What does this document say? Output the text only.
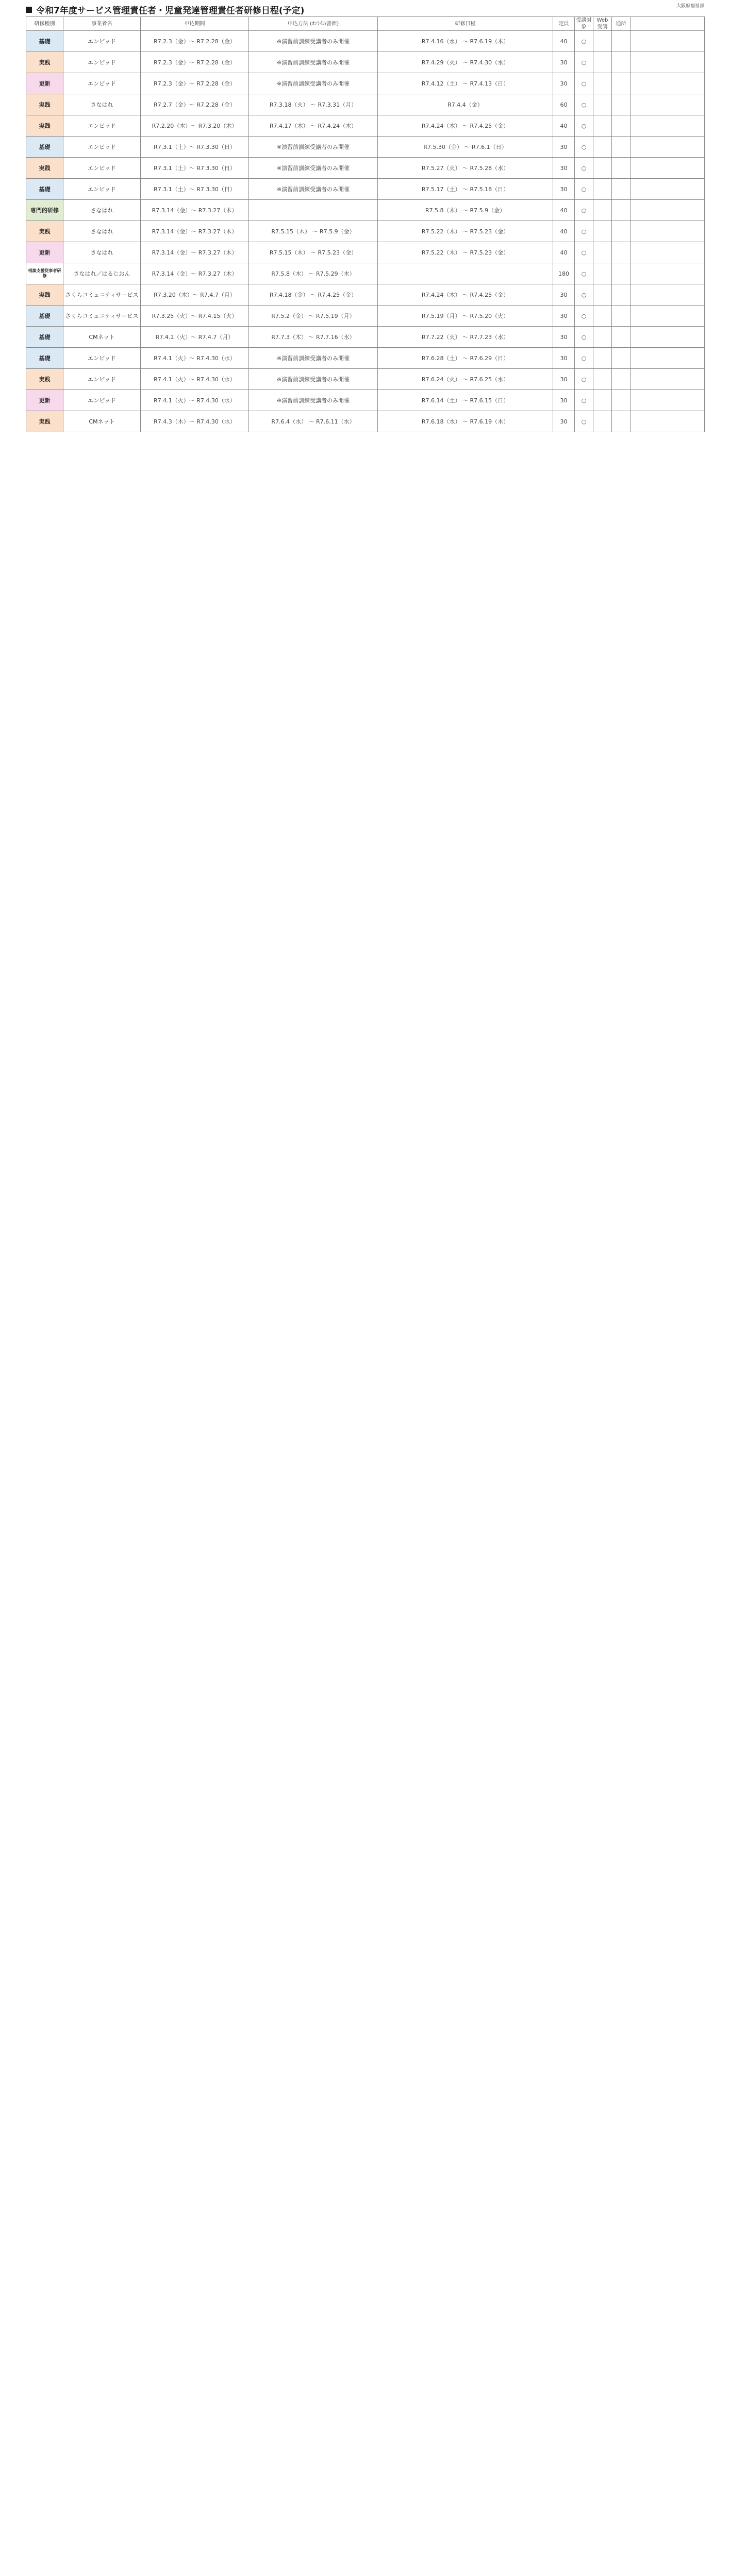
令和7年度サービス管理責任者・児童発達管理責任者研修日程(予定)	大阪府福祉部
研修種別	事業者名	申込期間	申込方法 (ｵﾝﾗｲﾝ/書面)	研修日程	定員	受講対象	Web受講	通所	
基礎	エンビッド	R7.2.3（金）～ R7.2.28（金）	※演習前訓練受講者のみ開催	R7.4.16（水） ～ R7.6.19（木）	40	○			
実践	エンビッド	R7.2.3（金）～ R7.2.28（金）	※演習前訓練受講者のみ開催	R7.4.29（火） ～ R7.4.30（水）	30	○			
更新	エンビッド	R7.2.3（金）～ R7.2.28（金）	※演習前訓練受講者のみ開催	R7.4.12（土） ～ R7.4.13（日）	30	○			
実践	さなはれ	R7.2.7（金）～ R7.2.28（金）	R7.3.18（火） ～ R7.3.31（月）	R7.4.4（金）	60	○			
実践	エンビッド	R7.2.20（木）～ R7.3.20（木）	R7.4.17（木） ～ R7.4.24（木）	R7.4.24（木） ～ R7.4.25（金）	40	○			
基礎	エンビッド	R7.3.1（土）～ R7.3.30（日）	※演習前訓練受講者のみ開催	R7.5.30（金） ～ R7.6.1（日）	30	○			
実践	エンビッド	R7.3.1（土）～ R7.3.30（日）	※演習前訓練受講者のみ開催	R7.5.27（火） ～ R7.5.28（水）	30	○			
基礎	エンビッド	R7.3.1（土）～ R7.3.30（日）	※演習前訓練受講者のみ開催	R7.5.17（土） ～ R7.5.18（日）	30	○			
専門的研修	さなはれ	R7.3.14（金）～ R7.3.27（木）		R7.5.8（木） ～ R7.5.9（金）	40	○			
実践	さなはれ	R7.3.14（金）～ R7.3.27（木）	R7.5.15（木） ～ R7.5.9（金）	R7.5.22（木） ～ R7.5.23（金）	40	○			
更新	さなはれ	R7.3.14（金）～ R7.3.27（木）	R7.5.15（木） ～ R7.5.23（金）	R7.5.22（木） ～ R7.5.23（金）	40	○			
相談支援従事者研修	さなはれ／はるじおん	R7.3.14（金）～ R7.3.27（木）	R7.5.8（木） ～ R7.5.29（木）		180	○			
実践	さくらコミュニティサービス	R7.3.20（木）～ R7.4.7（月）	R7.4.18（金） ～ R7.4.25（金）	R7.4.24（木） ～ R7.4.25（金）	30	○			
基礎	さくらコミュニティサービス	R7.3.25（火）～ R7.4.15（火）	R7.5.2（金） ～ R7.5.19（月）	R7.5.19（月） ～ R7.5.20（火）	30	○			
基礎	CMネット	R7.4.1（火）～ R7.4.7（月）	R7.7.3（木） ～ R7.7.16（水）	R7.7.22（火） ～ R7.7.23（水）	30	○			
基礎	エンビッド	R7.4.1（火）～ R7.4.30（水）	※演習前訓練受講者のみ開催	R7.6.28（土） ～ R7.6.29（日）	30	○			
実践	エンビッド	R7.4.1（火）～ R7.4.30（水）	※演習前訓練受講者のみ開催	R7.6.24（火） ～ R7.6.25（水）	30	○			
更新	エンビッド	R7.4.1（火）～ R7.4.30（水）	※演習前訓練受講者のみ開催	R7.6.14（土） ～ R7.6.15（日）	30	○			
実践	CMネット	R7.4.3（木）～ R7.4.30（水）	R7.6.4（水） ～ R7.6.11（水）	R7.6.18（水） ～ R7.6.19（木）	30	○			
